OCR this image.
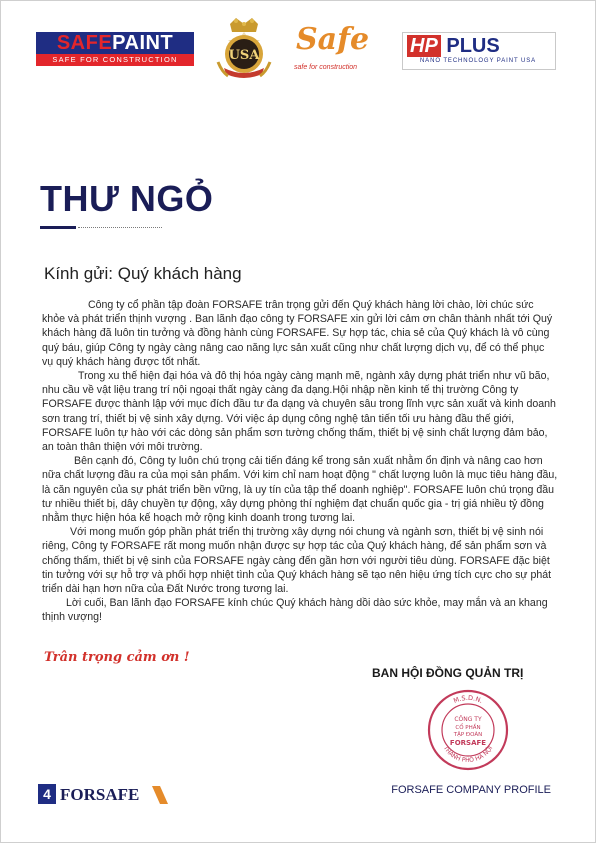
SAFEPAINT
SAFE FOR CONSTRUCTION	USA Safe
safe for construction
HP PLUS
NANO TECHNOLOGY PAINT USA
THƯ NGỎ
Kính gửi: Quý khách hàng

Công ty cổ phần tập đoàn FORSAFE trân trọng gửi đến Quý khách hàng lời chào, lời chúc sức khỏe và phát triển thịnh vượng . Ban lãnh đạo công ty FORSAFE xin gửi lời cảm ơn chân thành nhất tới Quý khách hàng đã luôn tin tưởng và đồng hành cùng FORSAFE. Sự hợp tác, chia sẻ của Quý khách là vô cùng quý báu, giúp Công ty ngày càng nâng cao năng lực sản xuất cũng như chất lượng dịch vụ, để có thể phục vụ quý khách hàng được tốt nhất.

Trong xu thế hiện đại hóa và đô thị hóa ngày càng mạnh mẽ, ngành xây dựng phát triển như vũ bão, nhu cầu về vật liệu trang trí nội ngoại thất ngày càng đa dạng.Hội nhập nền kinh tế thị trường Công ty FORSAFE được thành lập với mục đích đầu tư đa dạng và chuyên sâu trong lĩnh vực sản xuất và kinh doanh sơn trang trí, thiết bị vệ sinh xây dựng. Với việc áp dụng công nghệ tân tiến tối ưu hàng đầu thế giới, FORSAFE luôn tự hào với các dòng sản phẩm sơn tường chống thấm, thiết bị vệ sinh chất lượng đảm bảo, an toàn thân thiện với môi trường.

Bên cạnh đó, Công ty luôn chú trọng cải tiến đáng kể trong sản xuất nhằm ổn định và nâng cao hơn nữa chất lượng đầu ra của mọi sản phẩm. Với kim chỉ nam hoạt động " chất lượng luôn là mục tiêu hàng đầu, là căn nguyên của sự phát triển bền vững, là uy tín của tập thể doanh nghiệp". FORSAFE luôn chú trọng đầu tư nhiều thiết bị, dây chuyền tự động, xây dựng phòng thí nghiệm đạt chuẩn quốc gia - trị giá nhiều tỷ đồng nhằm thực hiện hóa kế hoạch mở rộng kinh doanh trong tương lai.

Với mong muốn góp phần phát triển thị trường xây dựng nói chung và ngành sơn, thiết bị vệ sinh nói riêng, Công ty FORSAFE rất mong muốn nhận được sự hợp tác của Quý khách hàng, để sản phẩm sơn và chống thấm, thiết bị vệ sinh của FORSAFE ngày càng đến gần hơn với người tiêu dùng. FORSAFE đặc biệt tin tưởng với sự hỗ trợ và phối hợp nhiệt tình của Quý khách hàng sẽ tạo nên hiệu ứng tích cực cho sự phát triển dài hạn hơn nữa của Đất Nước trong tương lai.

Lời cuối, Ban lãnh đạo FORSAFE kính chúc Quý khách hàng dồi dào sức khỏe, may mắn và an khang thịnh vượng!

Trân trọng cảm ơn !
BAN HỘI ĐỒNG QUẢN TRỊ
M.S.D.N.
THÀNH PHỐ HÀ NỘI
CÔNG TY
CỔ PHẦN
TẬP ĐOÀN
FORSAFE
4 FORSAFE	FORSAFE COMPANY PROFILE
